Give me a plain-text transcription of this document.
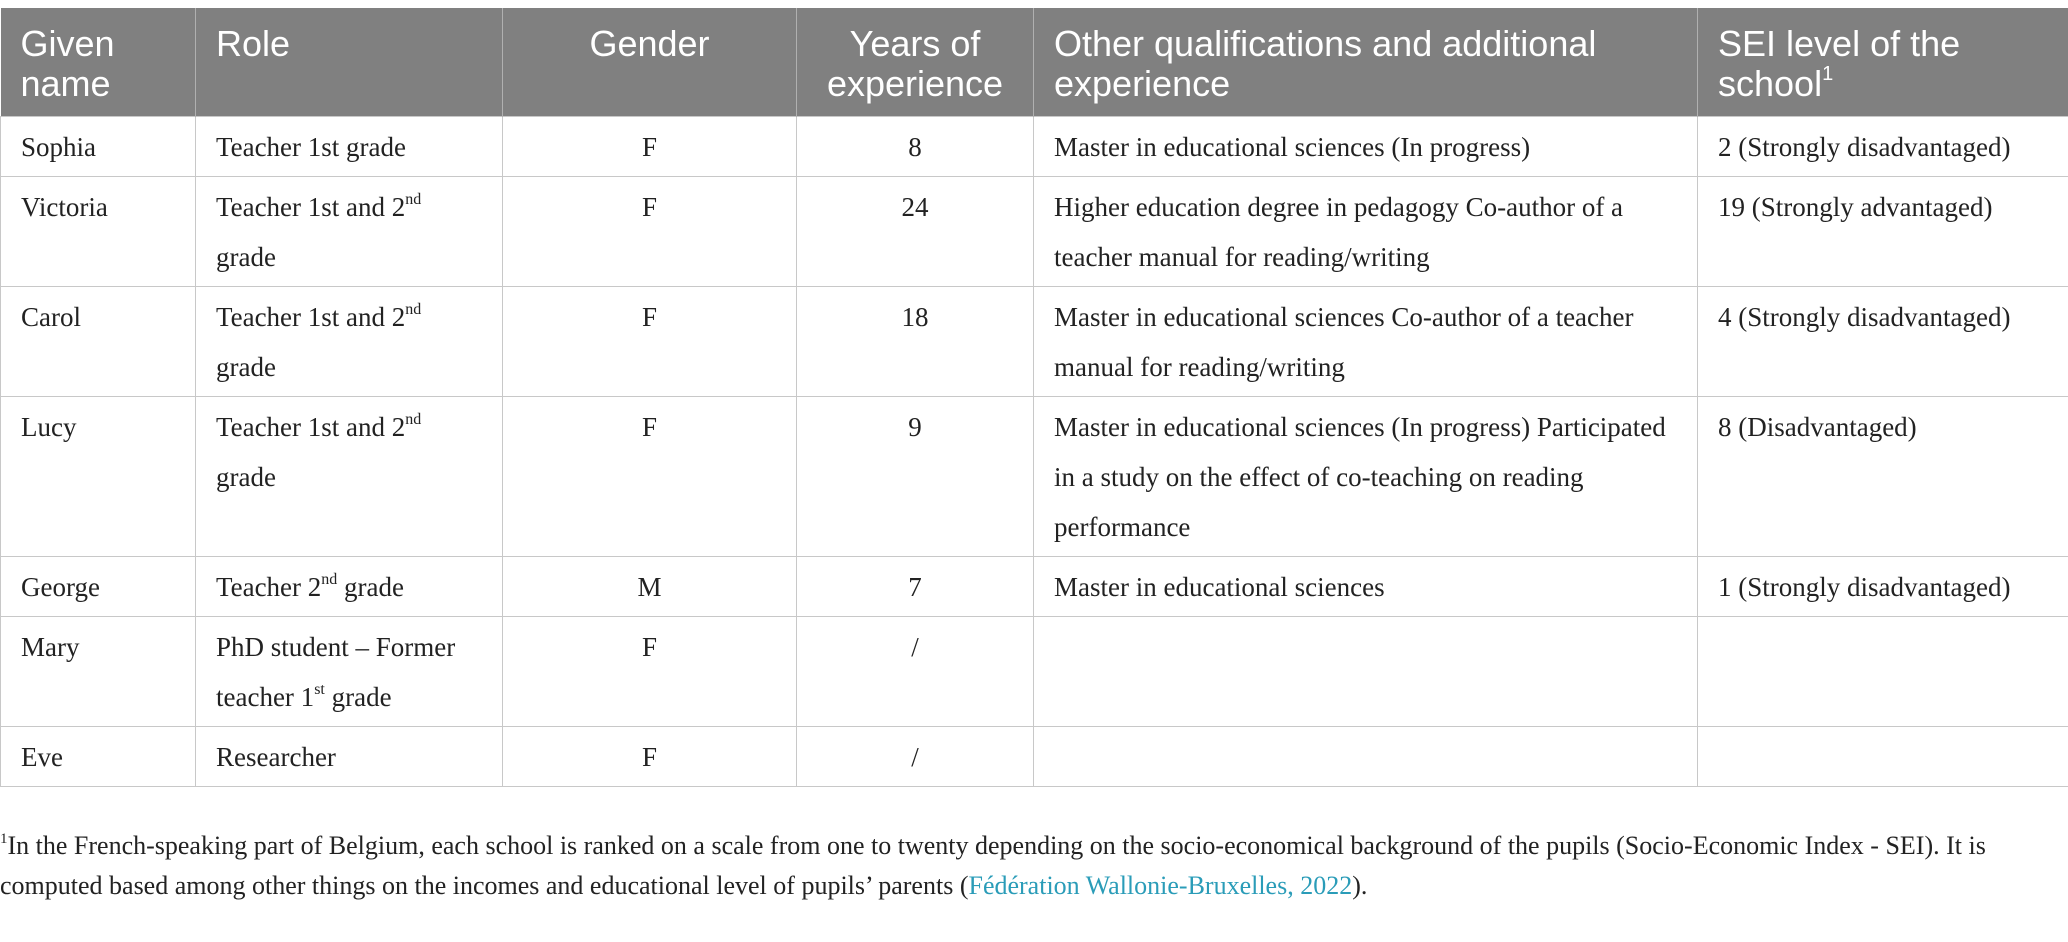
Given name	Role	Gender	Years of experience	Other qualifications and additional experience	SEI level of the school$^1$
Sophia	Teacher 1st grade	F	8	Master in educational sciences (In progress)	2 (Strongly disadvantaged)
Victoria	Teacher 1st and 2nd grade	F	24	Higher education degree in pedagogy Co-author of a teacher manual for reading/writing	19 (Strongly advantaged)
Carol	Teacher 1st and 2nd grade	F	18	Master in educational sciences Co-author of a teacher manual for reading/writing	4 (Strongly disadvantaged)
Lucy	Teacher 1st and 2nd grade	F	9	Master in educational sciences (In progress) Participated in a study on the effect of co-teaching on reading performance	8 (Disadvantaged)
George	Teacher 2nd grade	M	7	Master in educational sciences	1 (Strongly disadvantaged)
Mary	PhD student – Former teacher 1st grade	F	/		
Eve	Researcher	F	/		
$^1$In the French-speaking part of Belgium, each school is ranked on a scale from one to twenty depending on the socio-economical background of the pupils (Socio-Economic Index - SEI). It is computed based among other things on the incomes and educational level of pupils’ parents (Fédération Wallonie-Bruxelles, 2022).
